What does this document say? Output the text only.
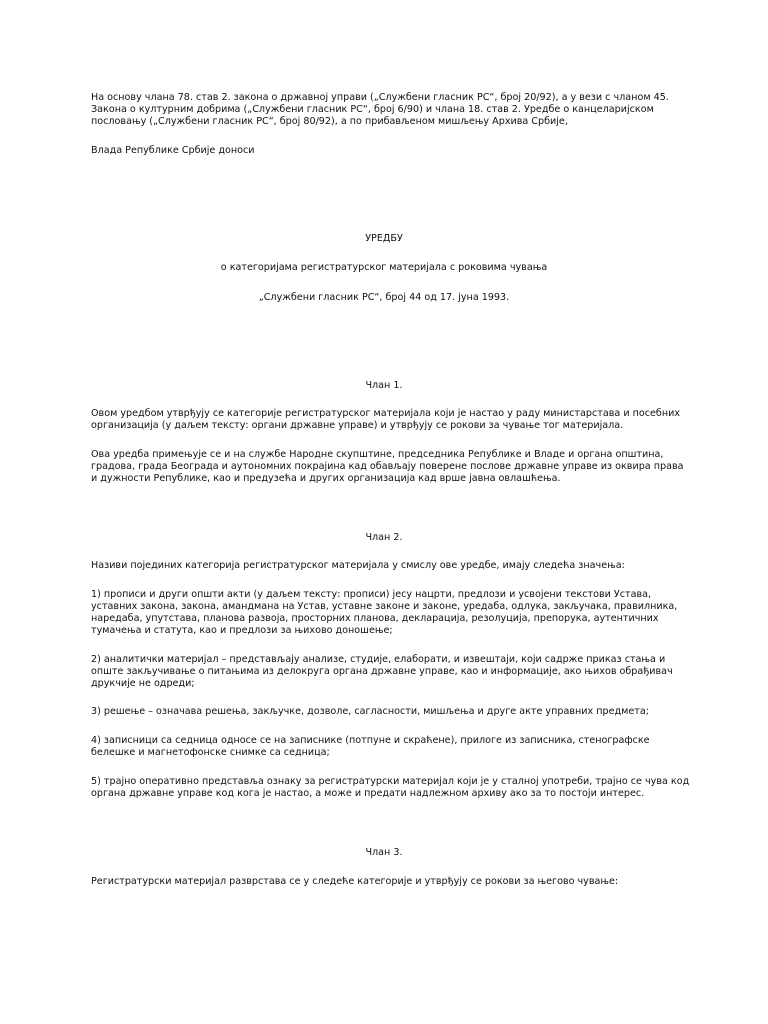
На основу члана 78. став 2. закона о државној управи („Службени гласник РС“, број 20/92), а у вези с чланом 45.
Закона о културним добрима („Службени гласник РС“, број 6/90) и члана 18. став 2. Уредбе о канцеларијском
пословању („Службени гласник РС“, број 80/92), а по прибављеном мишљењу Архива Србије,

Влада Републике Србије доноси

УРЕДБУ

о категоријама регистратурског материјала с роковима чувања

„Службени гласник РС“, број 44 од 17. јуна 1993.

Члан 1.

Овом уредбом утврђују се категорије регистратурског материјала који је настао у раду министарстава и посебних
организација (у даљем тексту: органи државне управе) и утврђују се рокови за чување тог материјала.

Ова уредба примењује се и на службе Народне скупштине, председника Републике и Владе и органа општина,
градова, града Београда и аутономних покрајина кад обављају поверене послове државне управе из оквира права
и дужности Републике, као и предузећа и других организација кад врше јавна овлашћења.

Члан 2.

Називи појединих категорија регистратурског материјала у смислу ове уредбе, имају следећа значења:

1) прописи и други општи акти (у даљем тексту: прописи) јесу нацрти, предлози и усвојени текстови Устава,
уставних закона, закона, амандмана на Устав, уставне законе и законе, уредаба, одлука, закључака, правилника,
наредаба, упутстава, планова развоја, просторних планова, декларација, резолуција, препорука, аутентичних
тумачења и статута, као и предлози за њихово доношење;

2) аналитички материјал – представљају анализе, студије, елаборати, и извештаји, који садрже приказ стања и
опште закључивање о питањима из делокруга органа државне управе, као и информације, ако њихов обрађивач
друкчије не одреди;

3) решење – означава решења, закључке, дозволе, сагласности, мишљења и друге акте управних предмета;

4) записници са седница односе се на записнике (потпуне и скраћене), прилоге из записника, стенографске
белешке и магнетофонске снимке са седница;

5) трајно оперативно представља ознаку за регистратурски материјал који је у сталној употреби, трајно се чува код
органа државне управе код кога је настао, а може и предати надлежном архиву ако за то постоји интерес.

Члан 3.

Регистратурски материјал разврстава се у следеће категорије и утврђују се рокови за његово чување:
